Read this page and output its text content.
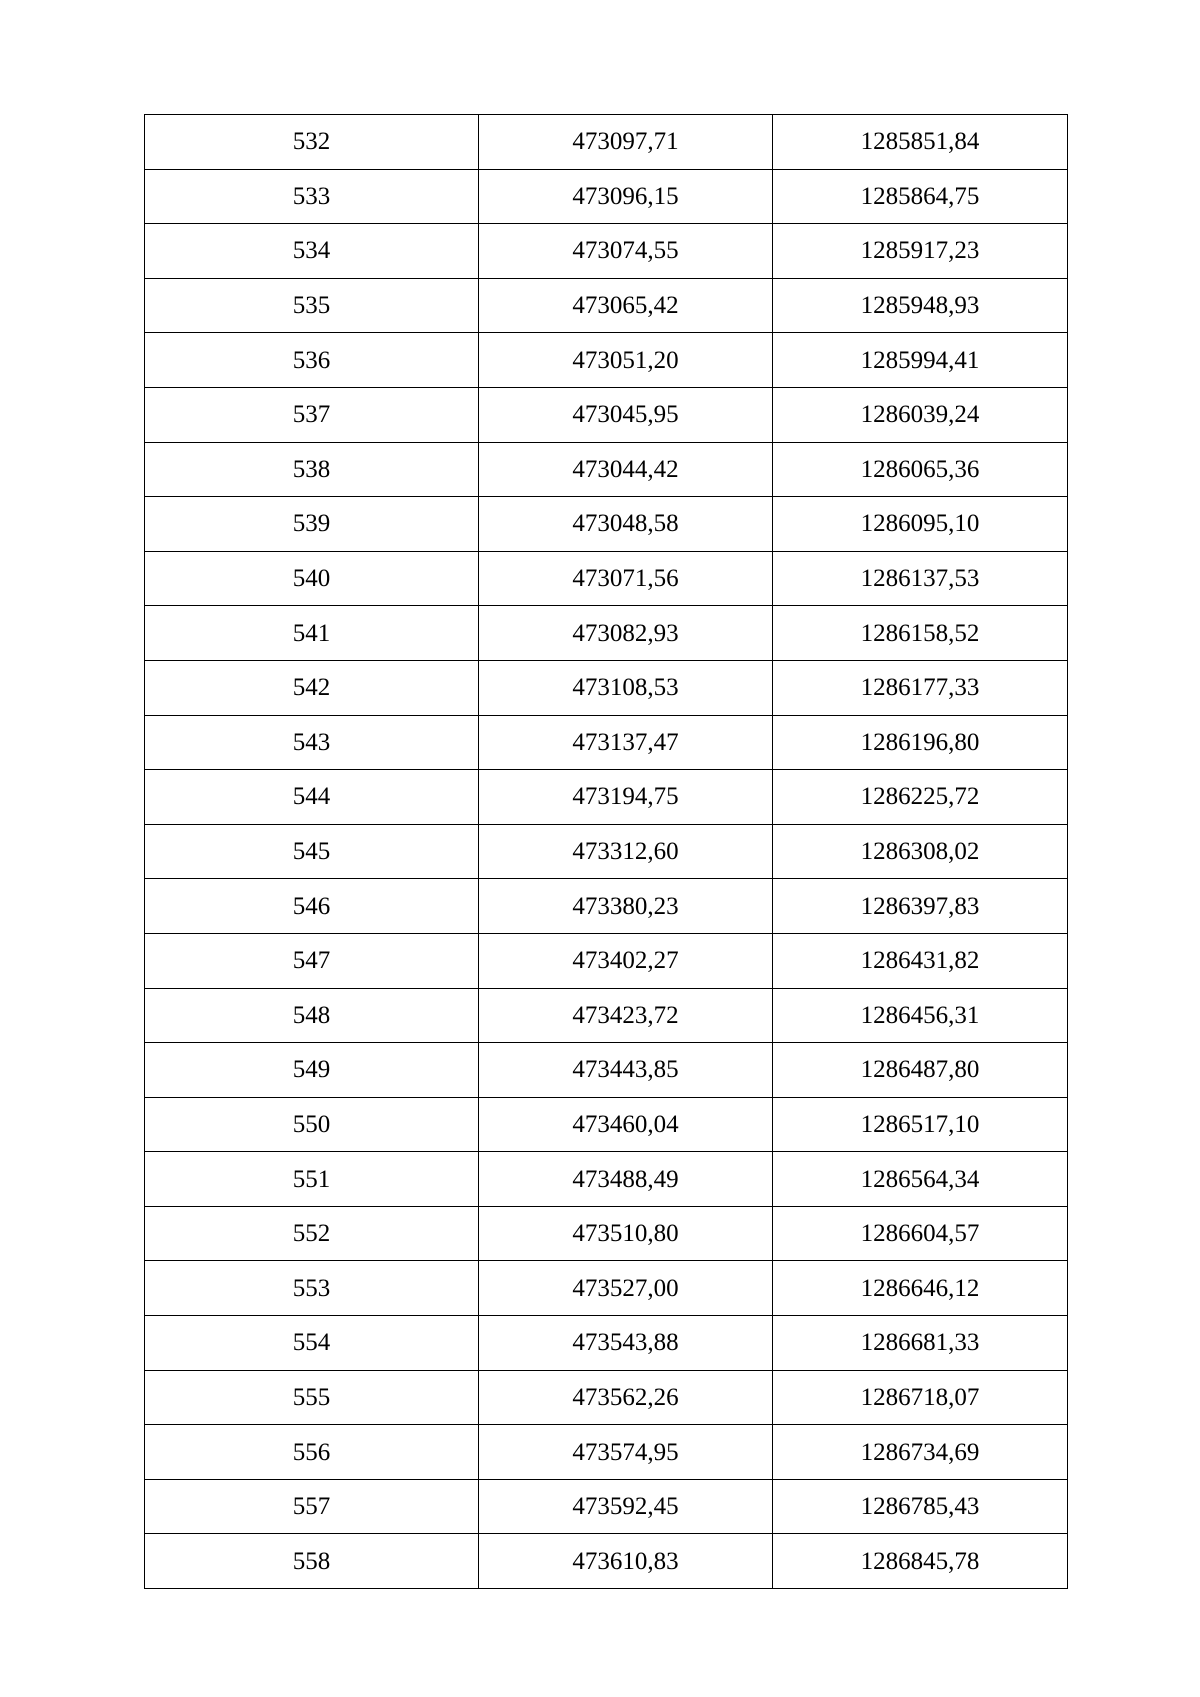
532	473097,71	1285851,84
533	473096,15	1285864,75
534	473074,55	1285917,23
535	473065,42	1285948,93
536	473051,20	1285994,41
537	473045,95	1286039,24
538	473044,42	1286065,36
539	473048,58	1286095,10
540	473071,56	1286137,53
541	473082,93	1286158,52
542	473108,53	1286177,33
543	473137,47	1286196,80
544	473194,75	1286225,72
545	473312,60	1286308,02
546	473380,23	1286397,83
547	473402,27	1286431,82
548	473423,72	1286456,31
549	473443,85	1286487,80
550	473460,04	1286517,10
551	473488,49	1286564,34
552	473510,80	1286604,57
553	473527,00	1286646,12
554	473543,88	1286681,33
555	473562,26	1286718,07
556	473574,95	1286734,69
557	473592,45	1286785,43
558	473610,83	1286845,78
